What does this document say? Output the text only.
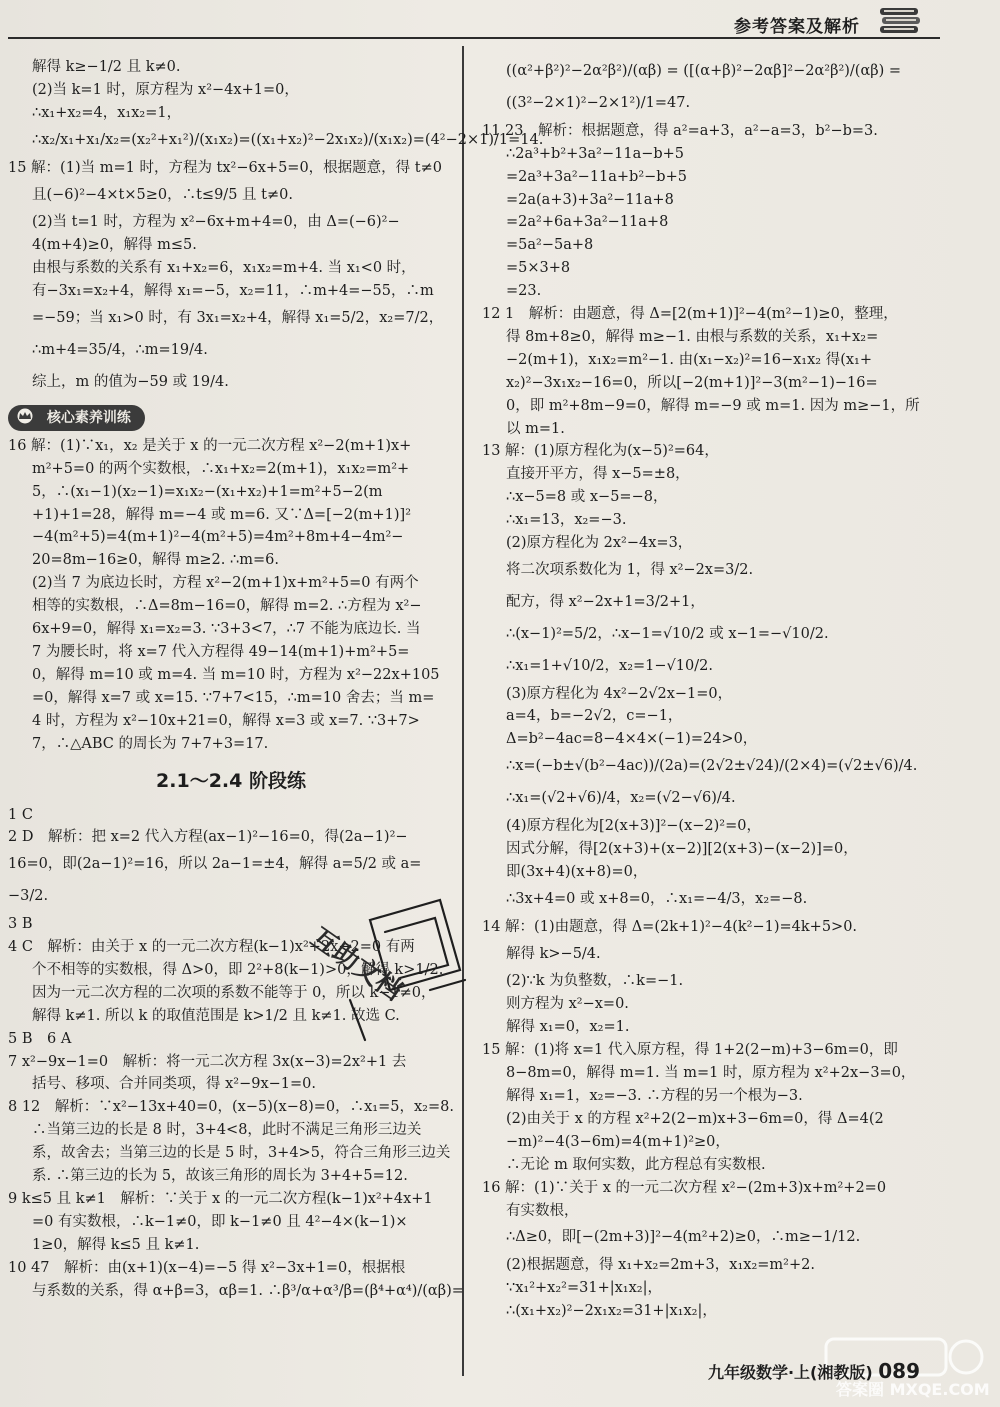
参考答案及解析

解得 k≥−1/2 且 k≠0.

(2)当 k=1 时，原方程为 x²−4x+1=0，

∴x₁+x₂=4，x₁x₂=1，

∴x₂/x₁+x₁/x₂=(x₂²+x₁²)/(x₁x₂)=((x₁+x₂)²−2x₁x₂)/(x₁x₂)=(4²−2×1)/1=14.

15 解：(1)当 m=1 时，方程为 tx²−6x+5=0，根据题意，得 t≠0

且(−6)²−4×t×5≥0，∴t≤9/5 且 t≠0.

(2)当 t=1 时，方程为 x²−6x+m+4=0，由 Δ=(−6)²−

4(m+4)≥0，解得 m≤5.

由根与系数的关系有 x₁+x₂=6，x₁x₂=m+4. 当 x₁<0 时，

有−3x₁=x₂+4，解得 x₁=−5，x₂=11，∴m+4=−55，∴m

=−59；当 x₁>0 时，有 3x₁=x₂+4，解得 x₁=5/2，x₂=7/2，

∴m+4=35/4，∴m=19/4.

综上，m 的值为−59 或 19/4.

核心素养训练

16 解：(1)∵x₁，x₂ 是关于 x 的一元二次方程 x²−2(m+1)x+

m²+5=0 的两个实数根，∴x₁+x₂=2(m+1)，x₁x₂=m²+

5，∴(x₁−1)(x₂−1)=x₁x₂−(x₁+x₂)+1=m²+5−2(m

+1)+1=28，解得 m=−4 或 m=6. 又∵Δ=[−2(m+1)]²

−4(m²+5)=4(m+1)²−4(m²+5)=4m²+8m+4−4m²−

20=8m−16≥0，解得 m≥2. ∴m=6.

(2)当 7 为底边长时，方程 x²−2(m+1)x+m²+5=0 有两个

相等的实数根，∴Δ=8m−16=0，解得 m=2. ∴方程为 x²−

6x+9=0，解得 x₁=x₂=3. ∵3+3<7，∴7 不能为底边长. 当

7 为腰长时，将 x=7 代入方程得 49−14(m+1)+m²+5=

0，解得 m=10 或 m=4. 当 m=10 时，方程为 x²−22x+105

=0，解得 x=7 或 x=15. ∵7+7<15，∴m=10 舍去；当 m=

4 时，方程为 x²−10x+21=0，解得 x=3 或 x=7. ∵3+7>

7，∴△ABC 的周长为 7+7+3=17.

2.1～2.4 阶段练

1 C

2 D　解析：把 x=2 代入方程(ax−1)²−16=0，得(2a−1)²−

16=0，即(2a−1)²=16，所以 2a−1=±4，解得 a=5/2 或 a=

−3/2.

3 B

4 C　解析：由关于 x 的一元二次方程(k−1)x²+2x−2=0 有两

个不相等的实数根，得 Δ>0，即 2²+8(k−1)>0，解得 k>1/2.

因为一元二次方程的二次项的系数不能等于 0，所以 k−1≠0，

解得 k≠1. 所以 k 的取值范围是 k>1/2 且 k≠1. 故选 C.

5 B　6 A

7 x²−9x−1=0　解析：将一元二次方程 3x(x−3)=2x²+1 去

括号、移项、合并同类项，得 x²−9x−1=0.

8 12　解析：∵x²−13x+40=0，(x−5)(x−8)=0，∴x₁=5，x₂=8.

∴当第三边的长是 8 时，3+4<8，此时不满足三角形三边关

系，故舍去；当第三边的长是 5 时，3+4>5，符合三角形三边关

系. ∴第三边的长为 5，故该三角形的周长为 3+4+5=12.

9 k≤5 且 k≠1　解析：∵关于 x 的一元二次方程(k−1)x²+4x+1

=0 有实数根，∴k−1≠0，即 k−1≠0 且 4²−4×(k−1)×

1≥0，解得 k≤5 且 k≠1.

10 47　解析：由(x+1)(x−4)=−5 得 x²−3x+1=0，根据根

与系数的关系，得 α+β=3，αβ=1. ∴β³/α+α³/β=(β⁴+α⁴)/(αβ)=

((α²+β²)²−2α²β²)/(αβ) = ([(α+β)²−2αβ]²−2α²β²)/(αβ) =

((3²−2×1)²−2×1²)/1=47.

11 23　解析：根据题意，得 a²=a+3，a²−a=3，b²−b=3.

∴2a³+b²+3a²−11a−b+5

=2a³+3a²−11a+b²−b+5

=2a(a+3)+3a²−11a+8

=2a²+6a+3a²−11a+8

=5a²−5a+8

=5×3+8

=23.

12 1　解析：由题意，得 Δ=[2(m+1)]²−4(m²−1)≥0，整理，

得 8m+8≥0，解得 m≥−1. 由根与系数的关系，x₁+x₂=

−2(m+1)，x₁x₂=m²−1. 由(x₁−x₂)²=16−x₁x₂ 得(x₁+

x₂)²−3x₁x₂−16=0，所以[−2(m+1)]²−3(m²−1)−16=

0，即 m²+8m−9=0，解得 m=−9 或 m=1. 因为 m≥−1，所

以 m=1.

13 解：(1)原方程化为(x−5)²=64，

直接开平方，得 x−5=±8，

∴x−5=8 或 x−5=−8，

∴x₁=13，x₂=−3.

(2)原方程化为 2x²−4x=3，

将二次项系数化为 1，得 x²−2x=3/2.

配方，得 x²−2x+1=3/2+1，

∴(x−1)²=5/2，∴x−1=√10/2 或 x−1=−√10/2.

∴x₁=1+√10/2，x₂=1−√10/2.

(3)原方程化为 4x²−2√2x−1=0，

a=4，b=−2√2，c=−1，

Δ=b²−4ac=8−4×4×(−1)=24>0，

∴x=(−b±√(b²−4ac))/(2a)=(2√2±√24)/(2×4)=(√2±√6)/4.

∴x₁=(√2+√6)/4，x₂=(√2−√6)/4.

(4)原方程化为[2(x+3)]²−(x−2)²=0，

因式分解，得[2(x+3)+(x−2)][2(x+3)−(x−2)]=0，

即(3x+4)(x+8)=0，

∴3x+4=0 或 x+8=0，∴x₁=−4/3，x₂=−8.

14 解：(1)由题意，得 Δ=(2k+1)²−4(k²−1)=4k+5>0.

解得 k>−5/4.

(2)∵k 为负整数，∴k=−1.

则方程为 x²−x=0.

解得 x₁=0，x₂=1.

15 解：(1)将 x=1 代入原方程，得 1+2(2−m)+3−6m=0，即

8−8m=0，解得 m=1. 当 m=1 时，原方程为 x²+2x−3=0，

解得 x₁=1，x₂=−3. ∴方程的另一个根为−3.

(2)由关于 x 的方程 x²+2(2−m)x+3−6m=0，得 Δ=4(2

−m)²−4(3−6m)=4(m+1)²≥0，

∴无论 m 取何实数，此方程总有实数根.

16 解：(1)∵关于 x 的一元二次方程 x²−(2m+3)x+m²+2=0

有实数根，

∴Δ≥0，即[−(2m+3)]²−4(m²+2)≥0，∴m≥−1/12.

(2)根据题意，得 x₁+x₂=2m+3，x₁x₂=m²+2.

∵x₁²+x₂²=31+|x₁x₂|，

∴(x₁+x₂)²−2x₁x₂=31+|x₁x₂|，

互助文档
答案圈 MXQE.COM
九年级数学·上(湘教版) 089
